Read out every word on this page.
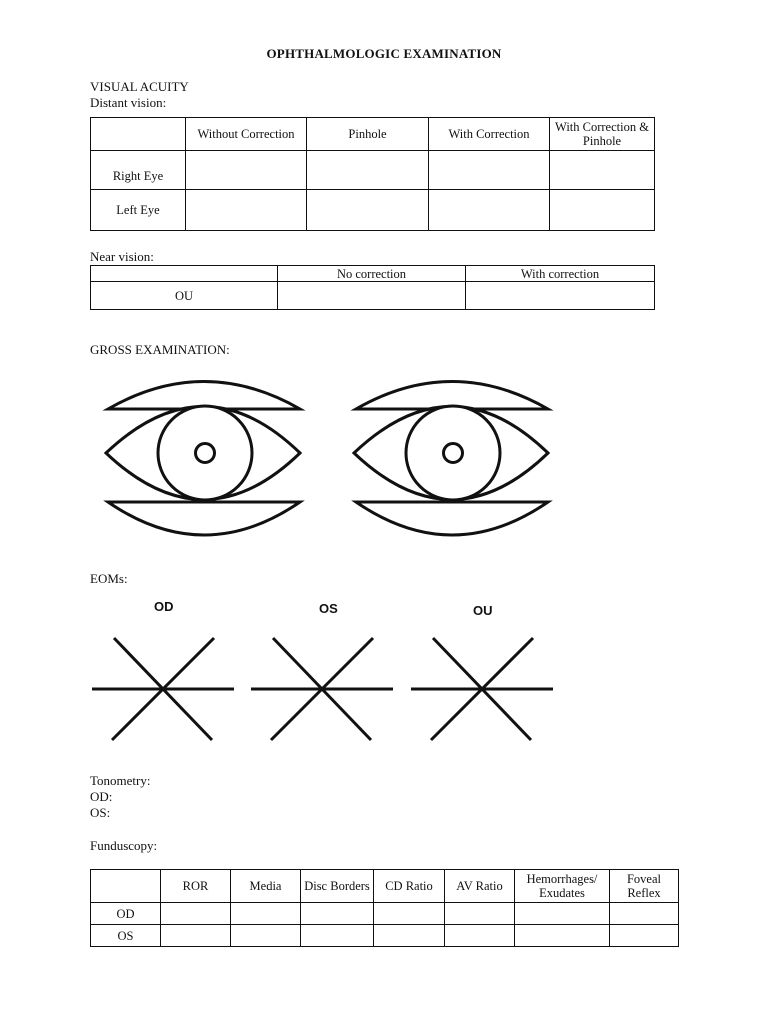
OPHTHALMOLOGIC EXAMINATION
VISUAL ACUITY
Distant vision:
	Without Correction	Pinhole	With Correction	With Correction & Pinhole
Right Eye				
Left Eye				
Near vision:
	No correction	With correction
OU		
GROSS EXAMINATION:
EOMs:
OD	OS	OU
Tonometry:
OD:
OS:
Funduscopy:
	ROR	Media	Disc Borders	CD Ratio	AV Ratio	Hemorrhages/ Exudates	Foveal Reflex
OD							
OS							
